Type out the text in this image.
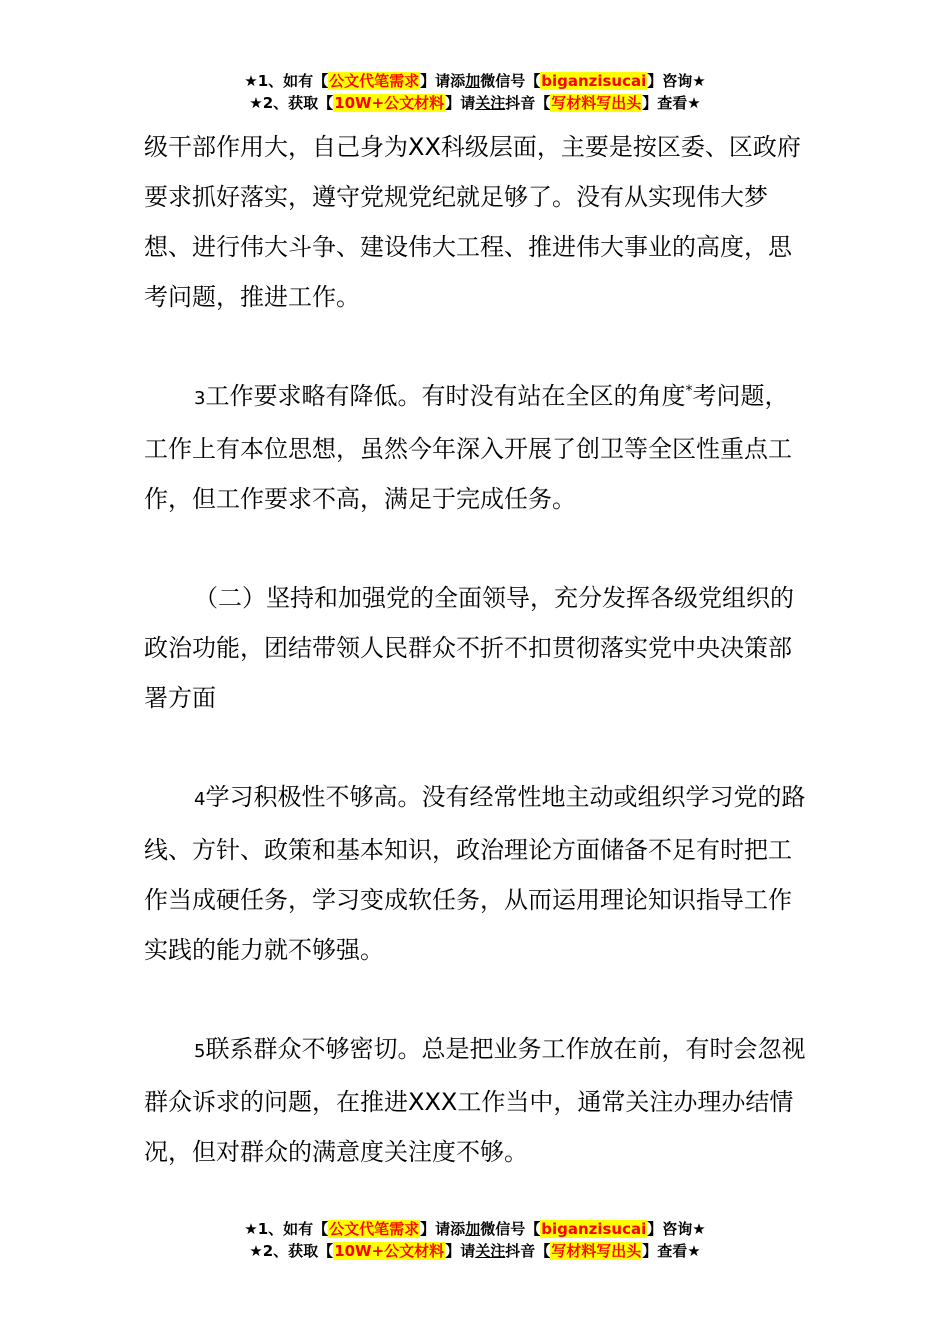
★1、如有【公文代笔需求】请添加微信号【biganzisucai】咨询★
★2、获取【10W+公文材料】请关注抖音【写材料写出头】查看★

级干部作用大，自己身为XX科级层面，主要是按区委、区政府要求抓好落实，遵守党规党纪就足够了。没有从实现伟大梦想、进行伟大斗争、建设伟大工程、推进伟大事业的高度，思考问题，推进工作。

3工作要求略有降低。有时没有站在全区的角度*考问题，工作上有本位思想，虽然今年深入开展了创卫等全区性重点工作，但工作要求不高，满足于完成任务。

（二）坚持和加强党的全面领导，充分发挥各级党组织的政治功能，团结带领人民群众不折不扣贯彻落实党中央决策部署方面

4学习积极性不够高。没有经常性地主动或组织学习党的路线、方针、政策和基本知识，政治理论方面储备不足有时把工作当成硬任务，学习变成软任务，从而运用理论知识指导工作实践的能力就不够强。

5联系群众不够密切。总是把业务工作放在前，有时会忽视群众诉求的问题，在推进XXX工作当中，通常关注办理办结情况，但对群众的满意度关注度不够。

★1、如有【公文代笔需求】请添加微信号【biganzisucai】咨询★
★2、获取【10W+公文材料】请关注抖音【写材料写出头】查看★
